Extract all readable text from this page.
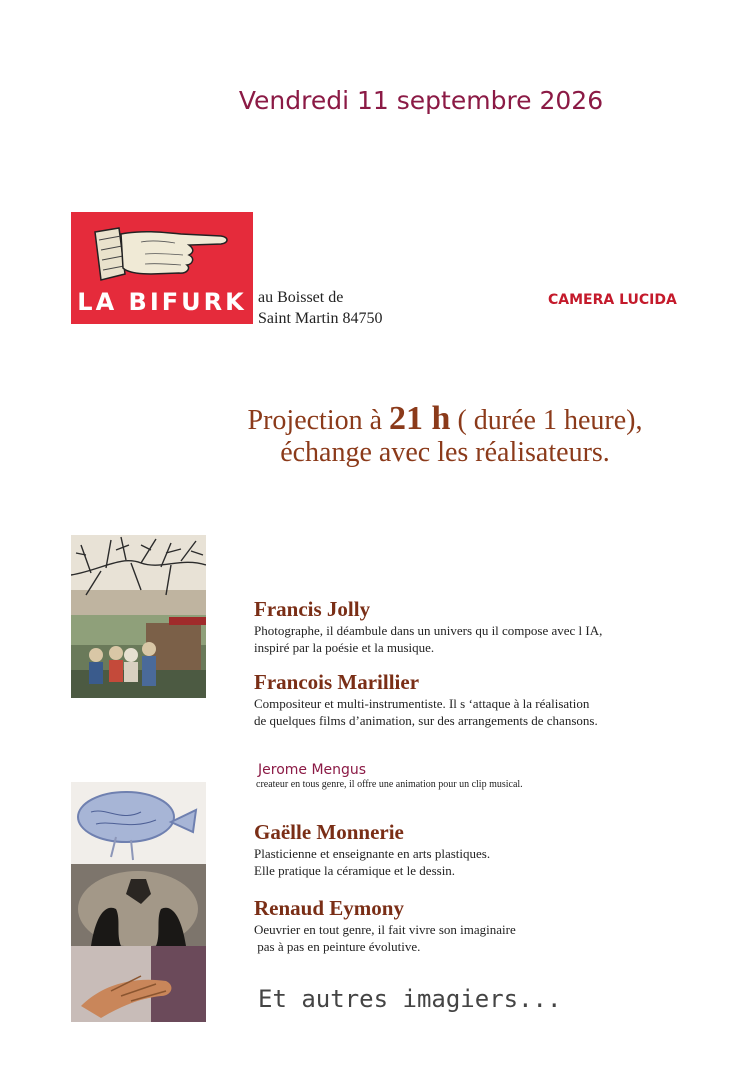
Vendredi 11 septembre 2026
LA BIFURK au Boisset de
Saint Martin 84750
CAMERA LUCIDA
Projection à 21 h ( durée 1 heure),
échange avec les réalisateurs.
Francis Jolly
Photographe, il déambule dans un univers qu il compose avec l IA,
inspiré par la poésie et la musique.
Francois Marillier
Compositeur et multi-instrumentiste. Il s ‘attaque à la réalisation
de quelques films d’animation, sur des arrangements de chansons.
Jerome Mengus
createur en tous genre, il offre une animation pour un clip musical.
Gaëlle Monnerie
Plasticienne et enseignante en arts plastiques.
Elle pratique la céramique et le dessin.
Renaud Eymony
Oeuvrier en tout genre, il fait vivre son imaginaire
pas à pas en peinture évolutive.
Et autres imagiers...
